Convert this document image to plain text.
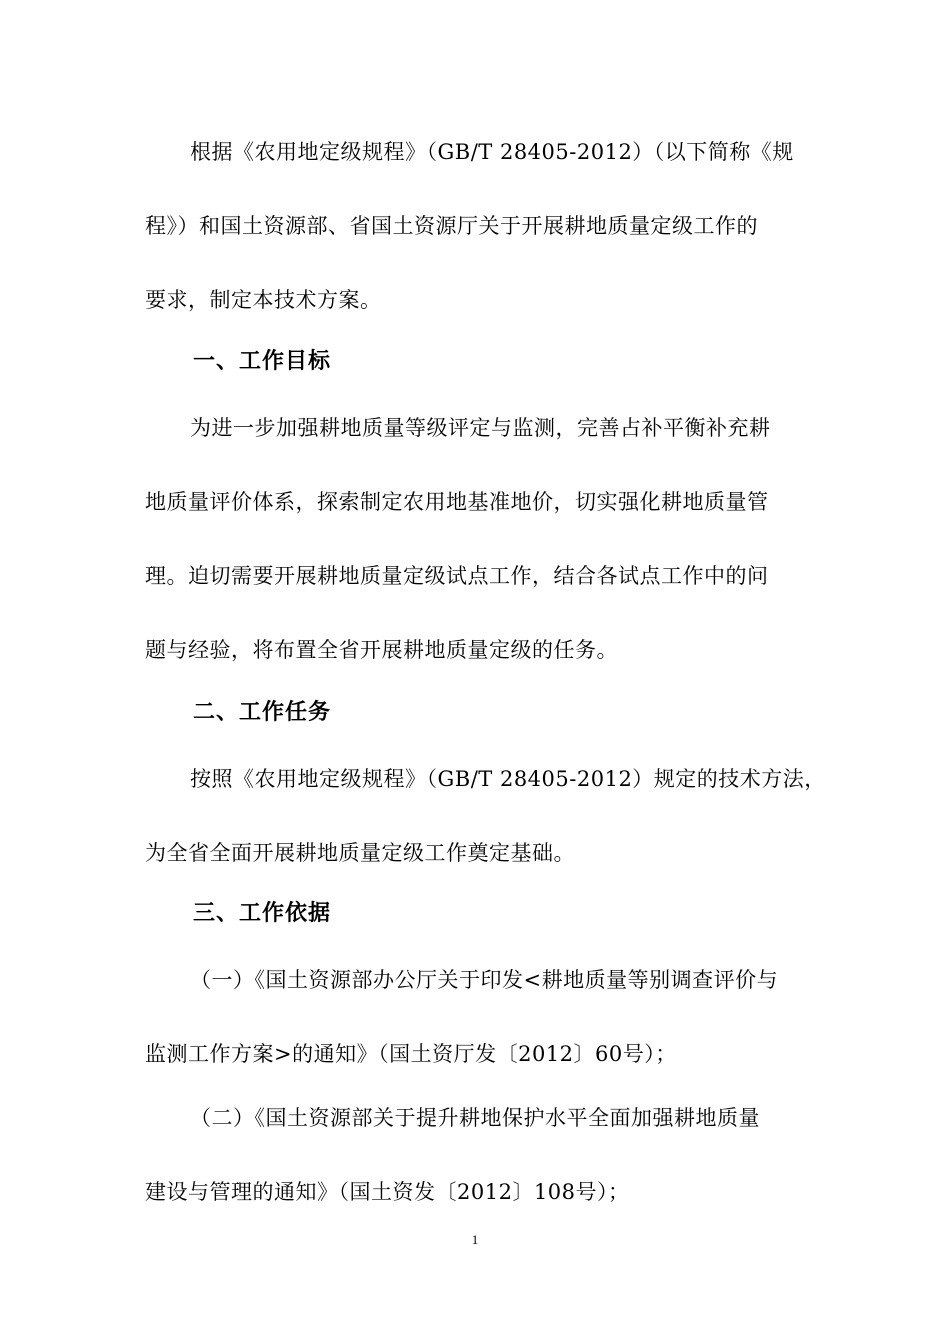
根据《农用地定级规程》（GB/T 28405-2012）（以下简称《规
程》）和国土资源部、省国土资源厅关于开展耕地质量定级工作的
要求，制定本技术方案。
一、工作目标
为进一步加强耕地质量等级评定与监测，完善占补平衡补充耕
地质量评价体系，探索制定农用地基准地价，切实强化耕地质量管
理。迫切需要开展耕地质量定级试点工作，结合各试点工作中的问
题与经验，将布置全省开展耕地质量定级的任务。
二、工作任务
按照《农用地定级规程》（GB/T 28405-2012）规定的技术方法，
为全省全面开展耕地质量定级工作奠定基础。
三、工作依据
（一）《国土资源部办公厅关于印发<耕地质量等别调查评价与
监测工作方案>的通知》（国土资厅发〔2012〕60号）；
（二）《国土资源部关于提升耕地保护水平全面加强耕地质量
建设与管理的通知》（国土资发〔2012〕108号）；
1
